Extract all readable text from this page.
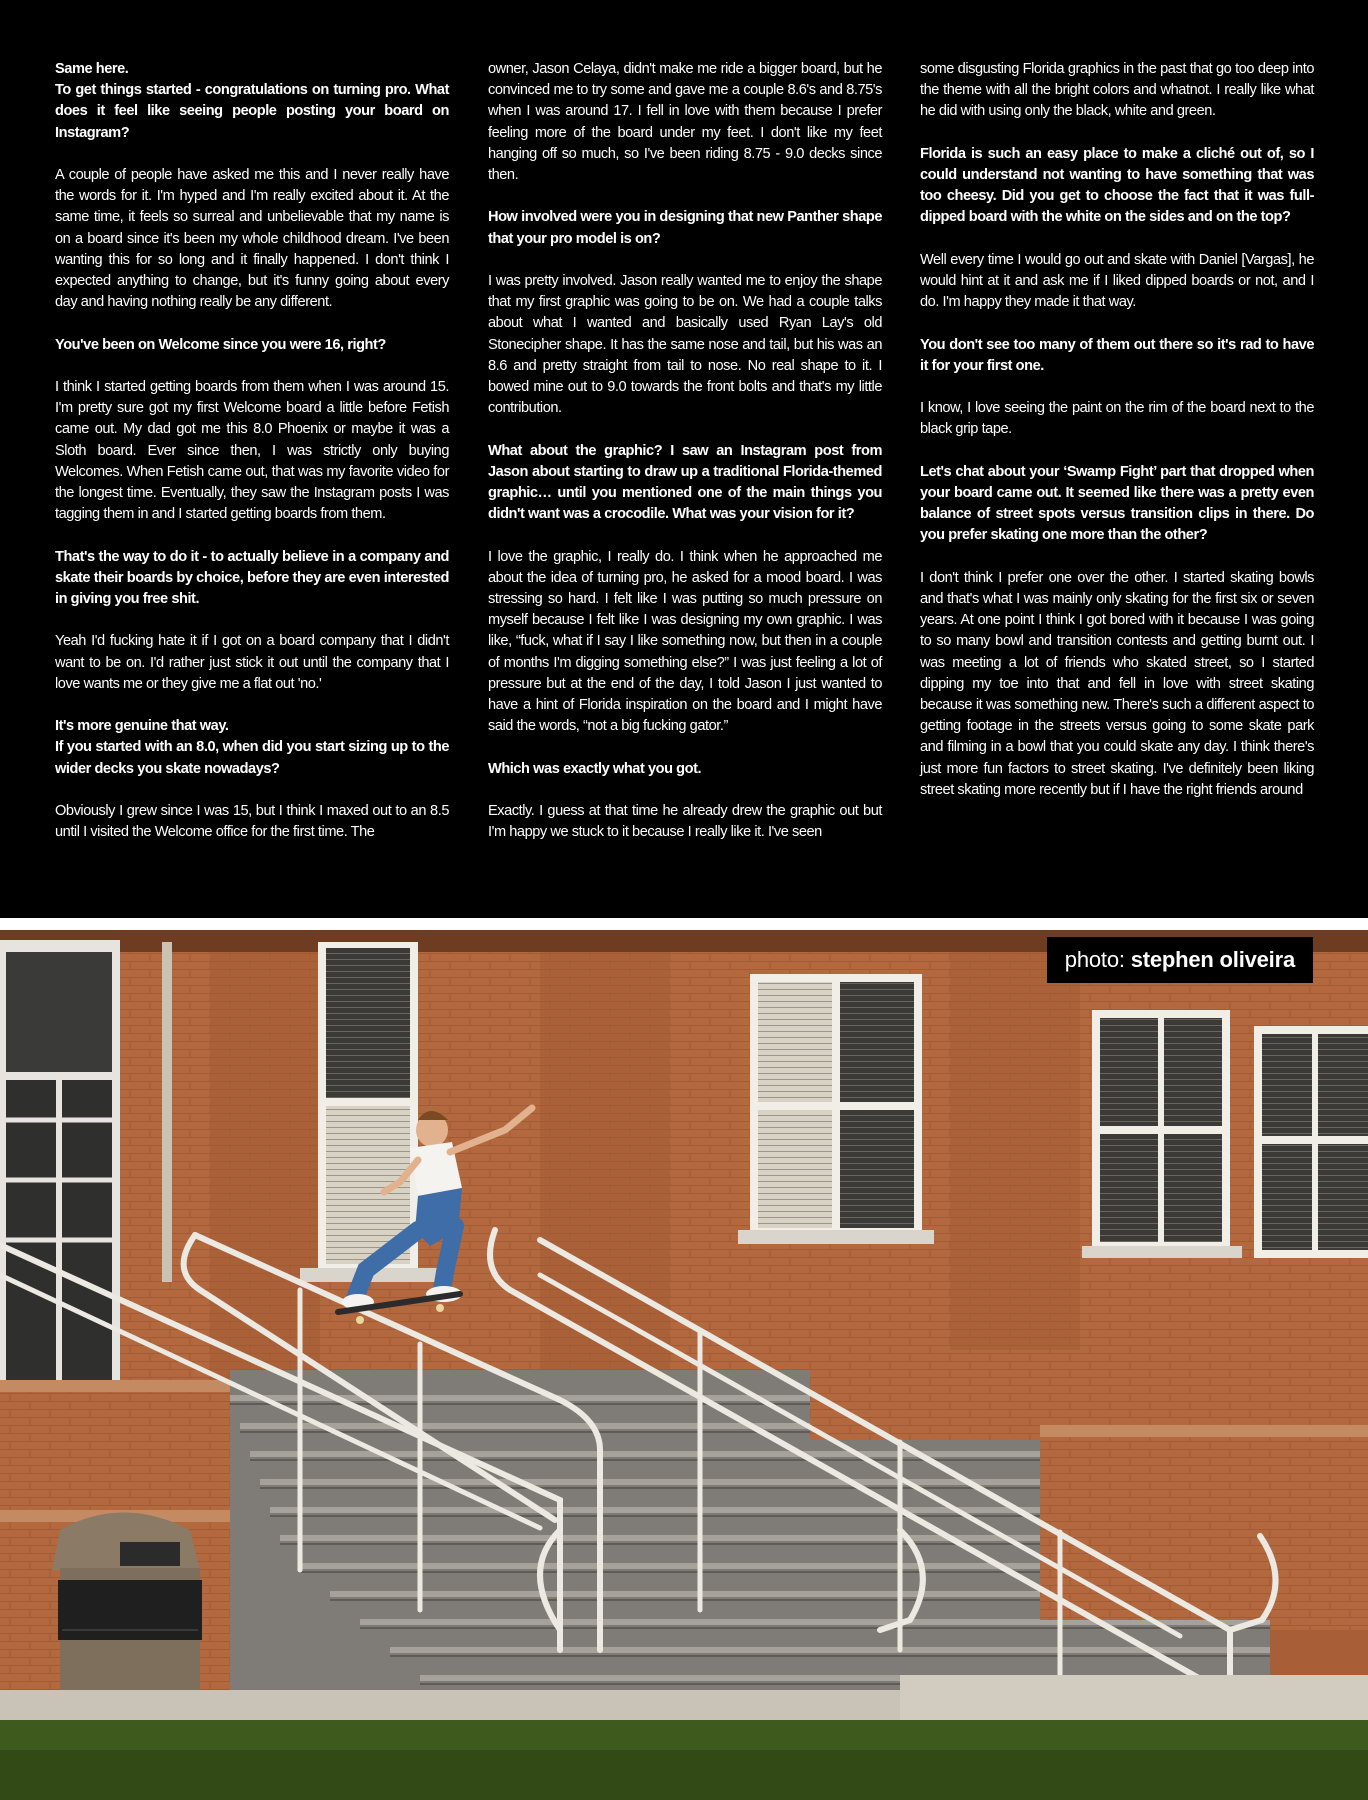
Same here.
To get things started - congratulations on turning pro. What does it feel like seeing people posting your board on Instagram?

A couple of people have asked me this and I never really have the words for it. I'm hyped and I'm really excited about it. At the same time, it feels so surreal and unbelievable that my name is on a board since it's been my whole childhood dream. I've been wanting this for so long and it finally happened. I don't think I expected anything to change, but it's funny going about every day and having nothing really be any different.

You've been on Welcome since you were 16, right?

I think I started getting boards from them when I was around 15. I'm pretty sure got my first Welcome board a little before Fetish came out. My dad got me this 8.0 Phoenix or maybe it was a Sloth board. Ever since then, I was strictly only buying Welcomes. When Fetish came out, that was my favorite video for the longest time. Eventually, they saw the Instagram posts I was tagging them in and I started getting boards from them.

That's the way to do it - to actually believe in a company and skate their boards by choice, before they are even interested in giving you free shit.

Yeah I'd fucking hate it if I got on a board company that I didn't want to be on. I'd rather just stick it out until the company that I love wants me or they give me a flat out 'no.'

It's more genuine that way.
If you started with an 8.0, when did you start sizing up to the wider decks you skate nowadays?

Obviously I grew since I was 15, but I think I maxed out to an 8.5 until I visited the Welcome office for the first time. The

owner, Jason Celaya, didn't make me ride a bigger board, but he convinced me to try some and gave me a couple 8.6's and 8.75's when I was around 17. I fell in love with them because I prefer feeling more of the board under my feet. I don't like my feet hanging off so much, so I've been riding 8.75 - 9.0 decks since then.

How involved were you in designing that new Panther shape that your pro model is on?

I was pretty involved. Jason really wanted me to enjoy the shape that my first graphic was going to be on. We had a couple talks about what I wanted and basically used Ryan Lay's old Stonecipher shape. It has the same nose and tail, but his was an 8.6 and pretty straight from tail to nose. No real shape to it. I bowed mine out to 9.0 towards the front bolts and that's my little contribution.

What about the graphic? I saw an Instagram post from Jason about starting to draw up a traditional Florida-themed graphic… until you mentioned one of the main things you didn't want was a crocodile. What was your vision for it?

I love the graphic, I really do. I think when he approached me about the idea of turning pro, he asked for a mood board. I was stressing so hard. I felt like I was putting so much pressure on myself because I felt like I was designing my own graphic. I was like, “fuck, what if I say I like something now, but then in a couple of months I'm digging something else?” I was just feeling a lot of pressure but at the end of the day, I told Jason I just wanted to have a hint of Florida inspiration on the board and I might have said the words, “not a big fucking gator.”

Which was exactly what you got.

Exactly. I guess at that time he already drew the graphic out but I'm happy we stuck to it because I really like it. I've seen

some disgusting Florida graphics in the past that go too deep into the theme with all the bright colors and whatnot. I really like what he did with using only the black, white and green.

Florida is such an easy place to make a cliché out of, so I could understand not wanting to have something that was too cheesy. Did you get to choose the fact that it was full-dipped board with the white on the sides and on the top?

Well every time I would go out and skate with Daniel [Vargas], he would hint at it and ask me if I liked dipped boards or not, and I do. I'm happy they made it that way.

You don't see too many of them out there so it's rad to have it for your first one.

I know, I love seeing the paint on the rim of the board next to the black grip tape.

Let's chat about your ‘Swamp Fight’ part that dropped when your board came out. It seemed like there was a pretty even balance of street spots versus transition clips in there. Do you prefer skating one more than the other?

I don't think I prefer one over the other. I started skating bowls and that's what I was mainly only skating for the first six or seven years. At one point I think I got bored with it because I was going to so many bowl and transition contests and getting burnt out. I was meeting a lot of friends who skated street, so I started dipping my toe into that and fell in love with street skating because it was something new. There's such a different aspect to getting footage in the streets versus going to some skate park and filming in a bowl that you could skate any day. I think there's just more fun factors to street skating. I've definitely been liking street skating more recently but if I have the right friends around

photo: stephen oliveira
